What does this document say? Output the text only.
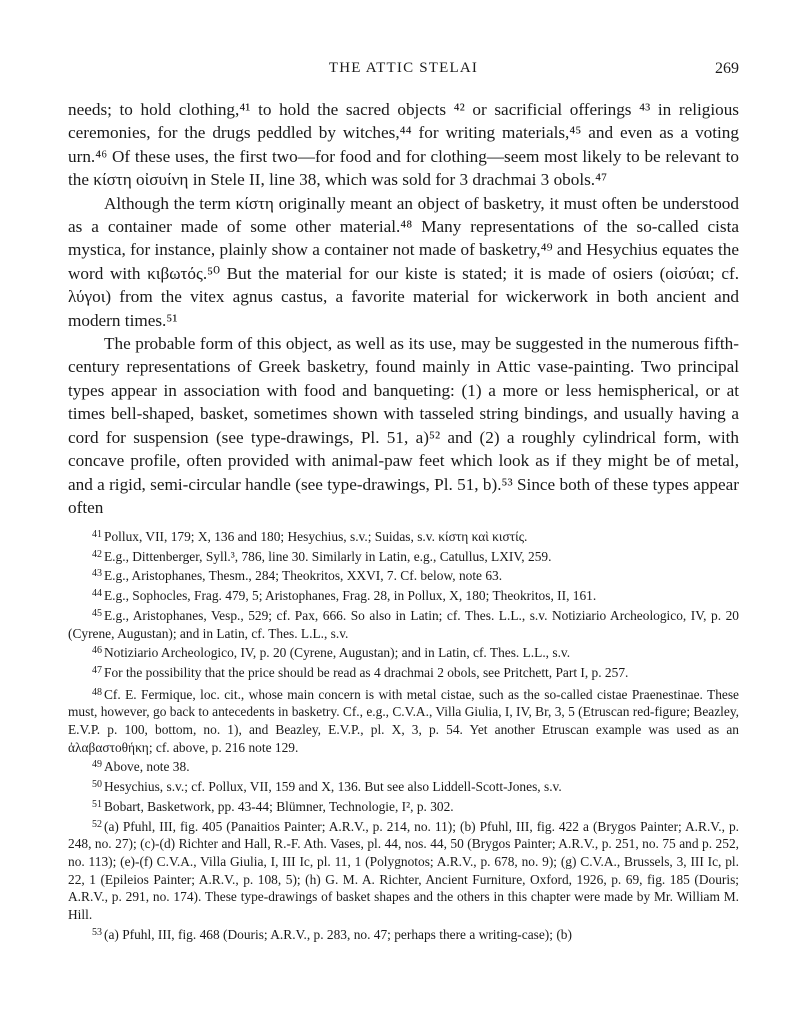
THE ATTIC STELAI	269

needs; to hold clothing,⁴¹ to hold the sacred objects ⁴² or sacrificial offerings ⁴³ in religious ceremonies, for the drugs peddled by witches,⁴⁴ for writing materials,⁴⁵ and even as a voting urn.⁴⁶ Of these uses, the first two—for food and for clothing—seem most likely to be relevant to the κίστη οἰσυίνη in Stele II, line 38, which was sold for 3 drachmai 3 obols.⁴⁷

Although the term κίστη originally meant an object of basketry, it must often be understood as a container made of some other material.⁴⁸ Many representations of the so-called cista mystica, for instance, plainly show a container not made of basketry,⁴⁹ and Hesychius equates the word with κιβωτός.⁵⁰ But the material for our kiste is stated; it is made of osiers (οἰσύαι; cf. λύγοι) from the vitex agnus castus, a favorite material for wickerwork in both ancient and modern times.⁵¹

The probable form of this object, as well as its use, may be suggested in the numerous fifth-century representations of Greek basketry, found mainly in Attic vase-painting. Two principal types appear in association with food and banqueting: (1) a more or less hemispherical, or at times bell-shaped, basket, sometimes shown with tasseled string bindings, and usually having a cord for suspension (see type-drawings, Pl. 51, a)⁵² and (2) a roughly cylindrical form, with concave profile, often provided with animal-paw feet which look as if they might be of metal, and a rigid, semi-circular handle (see type-drawings, Pl. 51, b).⁵³ Since both of these types appear often

$^{41}$ Pollux, VII, 179; X, 136 and 180; Hesychius, s.v.; Suidas, s.v. κίστη καὶ κιστίς.

$^{42}$ E.g., Dittenberger, Syll.³, 786, line 30. Similarly in Latin, e.g., Catullus, LXIV, 259.

$^{43}$ E.g., Aristophanes, Thesm., 284; Theokritos, XXVI, 7. Cf. below, note 63.

$^{44}$ E.g., Sophocles, Frag. 479, 5; Aristophanes, Frag. 28, in Pollux, X, 180; Theokritos, II, 161.

$^{45}$ E.g., Aristophanes, Vesp., 529; cf. Pax, 666. So also in Latin; cf. Thes. L.L., s.v. Notiziario Archeologico, IV, p. 20 (Cyrene, Augustan); and in Latin, cf. Thes. L.L., s.v.

$^{46}$ Notiziario Archeologico, IV, p. 20 (Cyrene, Augustan); and in Latin, cf. Thes. L.L., s.v.

$^{47}$ For the possibility that the price should be read as 4 drachmai 2 obols, see Pritchett, Part I, p. 257.

$^{48}$ Cf. E. Fermique, loc. cit., whose main concern is with metal cistae, such as the so-called cistae Praenestinae. These must, however, go back to antecedents in basketry. Cf., e.g., C.V.A., Villa Giulia, I, IV, Br, 3, 5 (Etruscan red-figure; Beazley, E.V.P. p. 100, bottom, no. 1), and Beazley, E.V.P., pl. X, 3, p. 54. Yet another Etruscan example was used as an ἀλαβαστοθήκη; cf. above, p. 216 note 129.

$^{49}$ Above, note 38.

$^{50}$ Hesychius, s.v.; cf. Pollux, VII, 159 and X, 136. But see also Liddell-Scott-Jones, s.v.

$^{51}$ Bobart, Basketwork, pp. 43-44; Blümner, Technologie, I², p. 302.

$^{52}$ (a) Pfuhl, III, fig. 405 (Panaitios Painter; A.R.V., p. 214, no. 11); (b) Pfuhl, III, fig. 422 a (Brygos Painter; A.R.V., p. 248, no. 27); (c)-(d) Richter and Hall, R.-F. Ath. Vases, pl. 44, nos. 44, 50 (Brygos Painter; A.R.V., p. 251, no. 75 and p. 252, no. 113); (e)-(f) C.V.A., Villa Giulia, I, III Ic, pl. 11, 1 (Polygnotos; A.R.V., p. 678, no. 9); (g) C.V.A., Brussels, 3, III Ic, pl. 22, 1 (Epileios Painter; A.R.V., p. 108, 5); (h) G. M. A. Richter, Ancient Furniture, Oxford, 1926, p. 69, fig. 185 (Douris; A.R.V., p. 291, no. 174). These type-drawings of basket shapes and the others in this chapter were made by Mr. William M. Hill.

$^{53}$ (a) Pfuhl, III, fig. 468 (Douris; A.R.V., p. 283, no. 47; perhaps there a writing-case); (b)
